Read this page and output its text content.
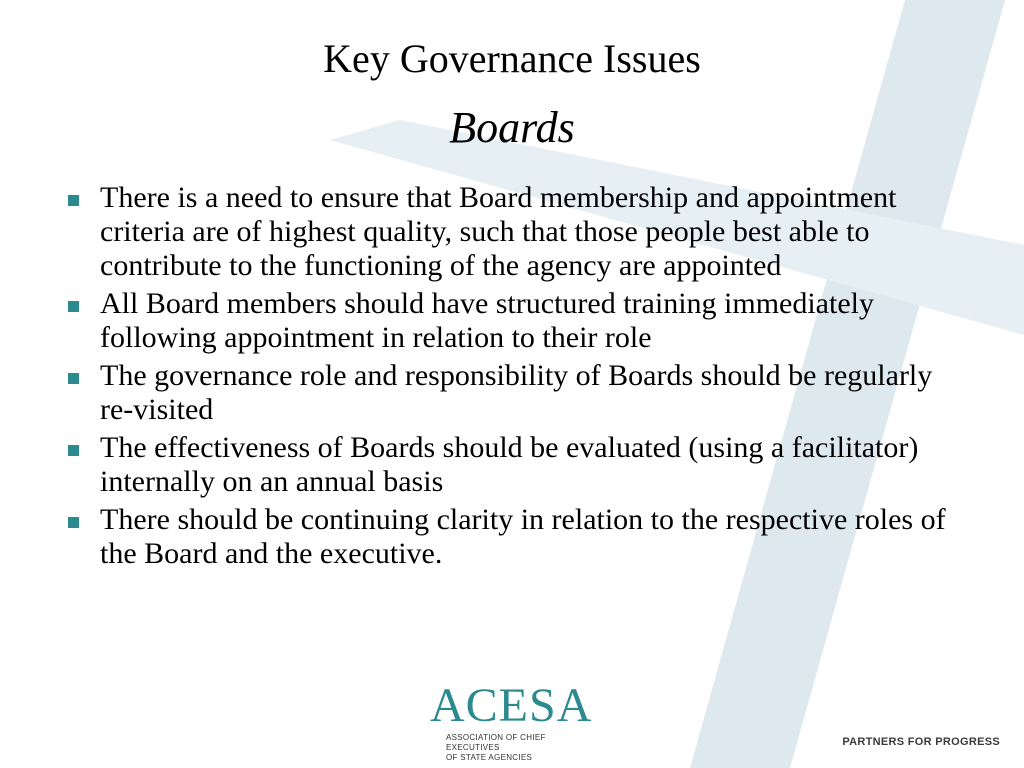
Key Governance Issues
Boards
There is a need to ensure that Board membership and appointment criteria are of highest quality, such that those people best able to contribute to the functioning of the agency are appointed
All Board members should have structured training immediately following appointment in relation to their role
The governance role and responsibility of Boards should be regularly re-visited
The effectiveness of Boards should be evaluated (using a facilitator) internally on an annual basis
There should be continuing clarity in relation to the respective roles of the Board and the executive.
ACESA
ASSOCIATION OF CHIEF EXECUTIVES
OF STATE AGENCIES
PARTNERS FOR PROGRESS
